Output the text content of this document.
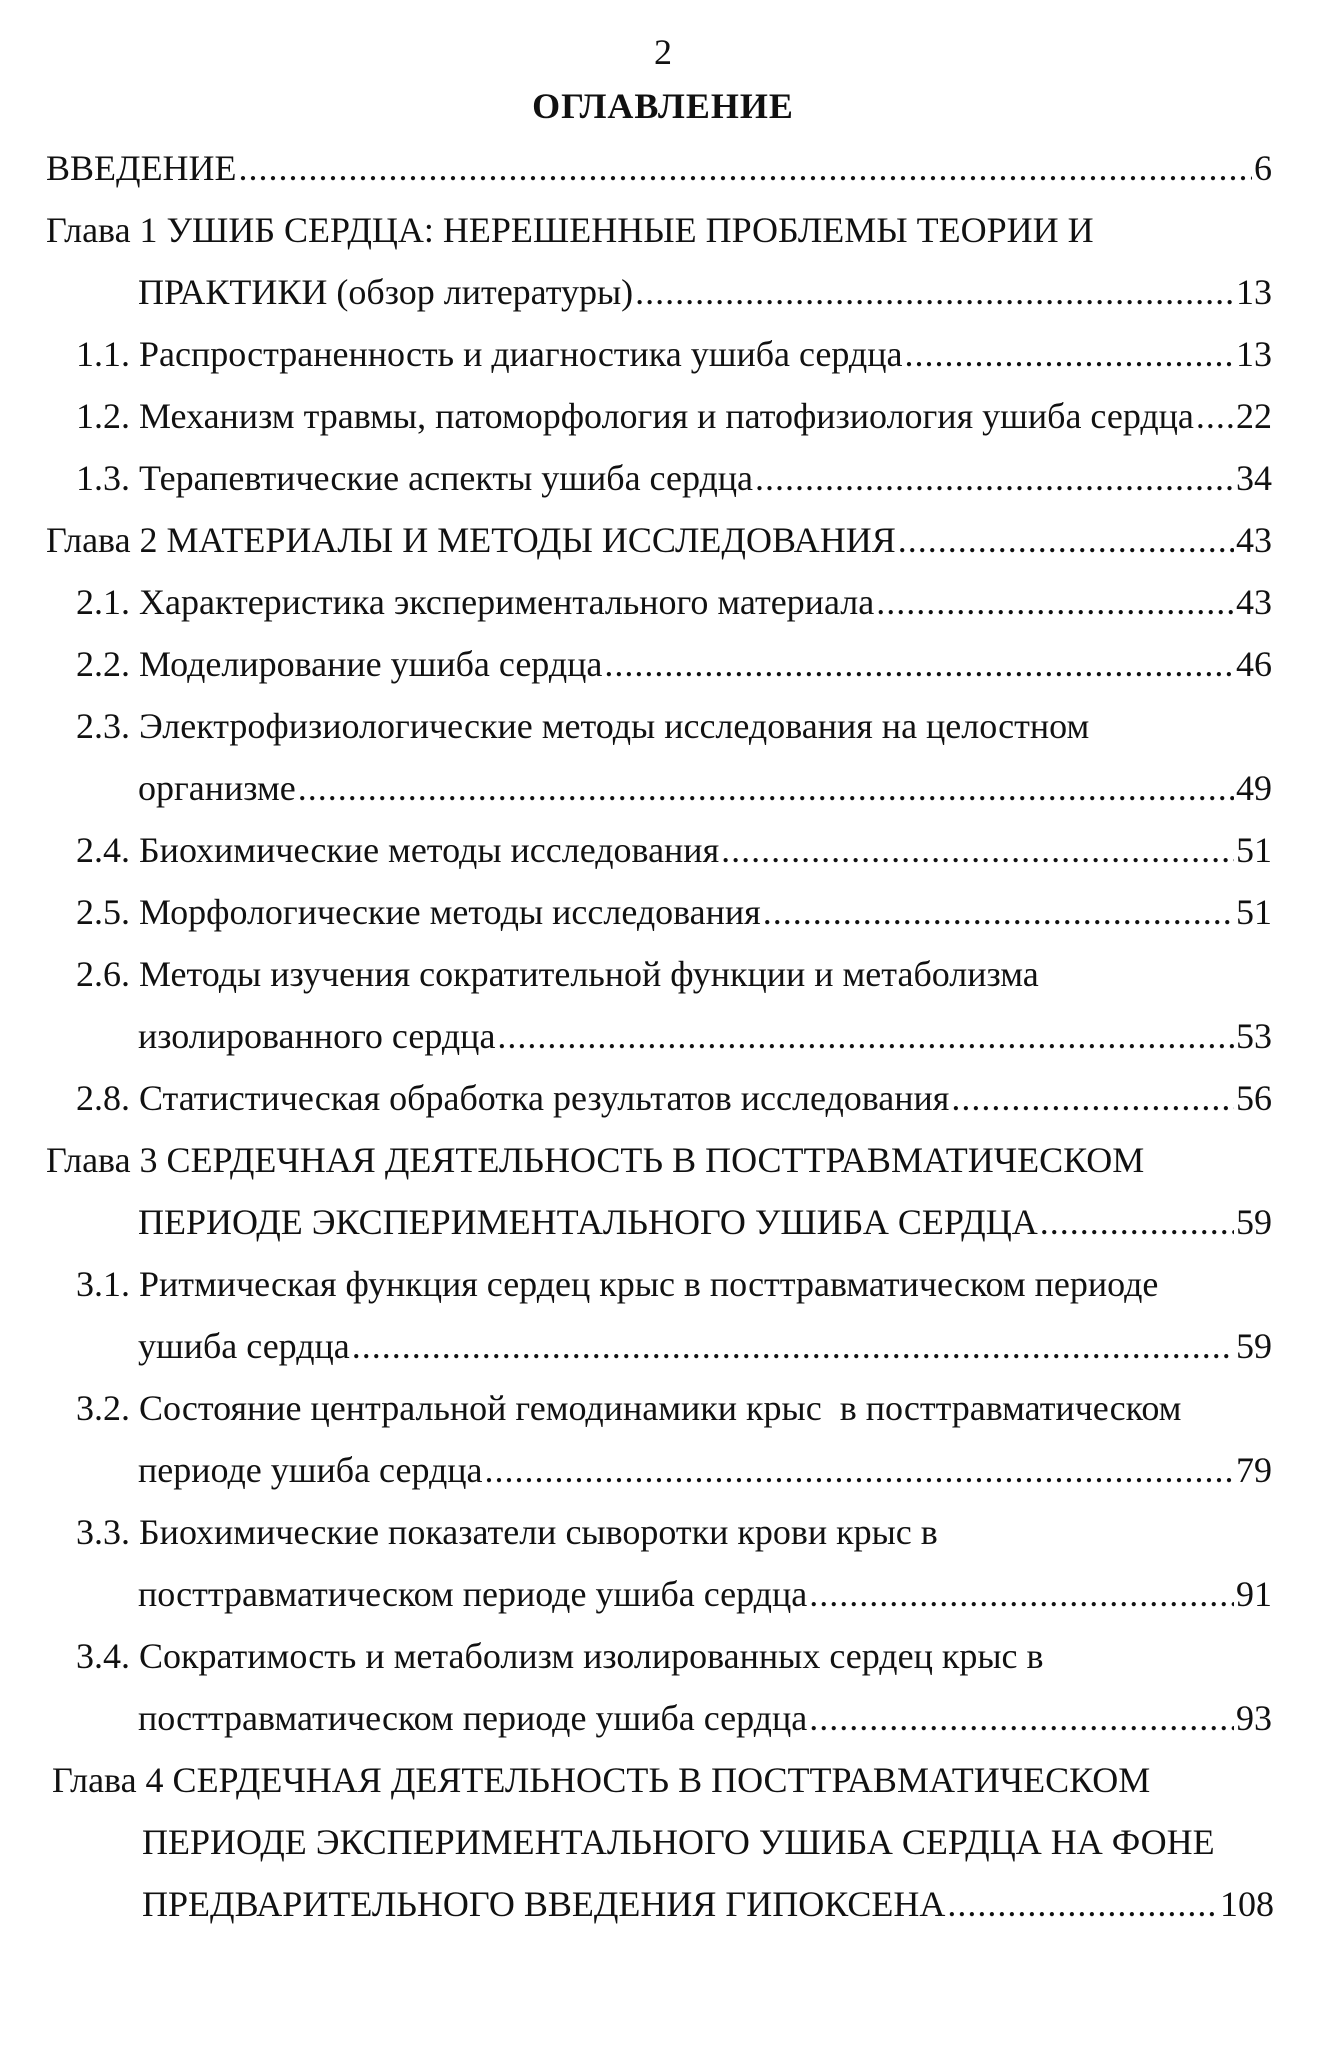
2
ОГЛАВЛЕНИЕ
ВВЕДЕНИЕ .....	6
Глава 1 УШИБ СЕРДЦА: НЕРЕШЕННЫЕ ПРОБЛЕМЫ ТЕОРИИ И
ПРАКТИКИ (обзор литературы) .....	13
1.1. Распространенность и диагностика ушиба сердца .....	13
1.2. Механизм травмы, патоморфология и патофизиология ушиба сердца ..... 22
1.3. Терапевтические аспекты ушиба сердца .....	34
Глава 2 МАТЕРИАЛЫ И МЕТОДЫ ИССЛЕДОВАНИЯ .....	43
2.1. Характеристика экспериментального материала .....	43
2.2. Моделирование ушиба сердца .....	46
2.3. Электрофизиологические методы исследования на целостном
организме .....	49
2.4. Биохимические методы исследования .....	51
2.5. Морфологические методы исследования .....	51
2.6. Методы изучения сократительной функции и метаболизма
изолированного сердца .....	53
2.8. Статистическая обработка результатов исследования .....	56
Глава 3 СЕРДЕЧНАЯ ДЕЯТЕЛЬНОСТЬ В ПОСТТРАВМАТИЧЕСКОМ
ПЕРИОДЕ ЭКСПЕРИМЕНТАЛЬНОГО УШИБА СЕРДЦА .....	59
3.1. Ритмическая функция сердец крыс в посттравматическом периоде
ушиба сердца .....	59
3.2. Состояние центральной гемодинамики крыс  в посттравматическом
периоде ушиба сердца .....	79
3.3. Биохимические показатели сыворотки крови крыс в
посттравматическом периоде ушиба сердца .....	91
3.4. Сократимость и метаболизм изолированных сердец крыс в
посттравматическом периоде ушиба сердца .....	93
Глава 4 СЕРДЕЧНАЯ ДЕЯТЕЛЬНОСТЬ В ПОСТТРАВМАТИЧЕСКОМ
ПЕРИОДЕ ЭКСПЕРИМЕНТАЛЬНОГО УШИБА СЕРДЦА НА ФОНЕ
ПРЕДВАРИТЕЛЬНОГО ВВЕДЕНИЯ ГИПОКСЕНА .....	108
